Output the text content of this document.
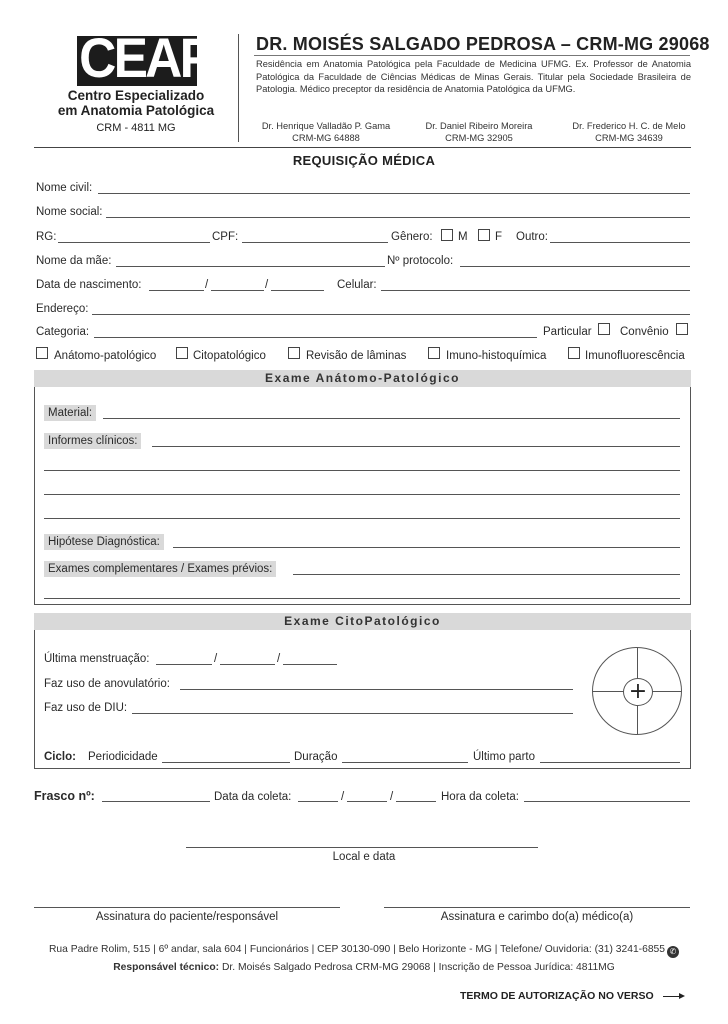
CEAP
Centro Especializado
em Anatomia Patológica
CRM - 4811 MG
DR. MOISÉS SALGADO PEDROSA – CRM-MG 29068
Residência em Anatomia Patológica pela Faculdade de Medicina UFMG. Ex. Professor de Anatomia Patológica da Faculdade de Ciências Médicas de Minas Gerais. Titular pela Sociedade Brasileira de Patologia. Médico preceptor da residência de Anatomia Patológica da UFMG.
Dr. Henrique Valladão P. Gama
CRM-MG 64888
Dr. Daniel Ribeiro Moreira
CRM-MG 32905
Dr. Frederico H. C. de Melo
CRM-MG 34639
REQUISIÇÃO MÉDICA
Nome civil:
Nome social:
RG:	CPF:	Gênero: M F Outro:
Nome da mãe:	Nº protocolo:
Data de nascimento:	/	/	Celular:
Endereço:
Categoria:	Particular Convênio
Anátomo-patológico	Citopatológico	Revisão de lâminas	Imuno-histoquímica	Imunofluorescência
Exame Anátomo-Patológico
Material:
Informes clínicos:
Hipótese Diagnóstica:
Exames complementares / Exames prévios:
Exame CitoPatológico
Última menstruação:	/	/
Faz uso de anovulatório:
Faz uso de DIU:
+
Ciclo: Periodicidade	Duração	Último parto
Frasco nº:	Data da coleta:	/	/	Hora da coleta:
Local e data
Assinatura do paciente/responsável	Assinatura e carimbo do(a) médico(a)
Rua Padre Rolim, 515 | 6º andar, sala 604 | Funcionários | CEP 30130-090 | Belo Horizonte - MG | Telefone/ Ouvidoria: (31) 3241-6855 ✆
Responsável técnico: Dr. Moisés Salgado Pedrosa CRM-MG 29068 | Inscrição de Pessoa Jurídica: 4811MG
TERMO DE AUTORIZAÇÃO NO VERSO
